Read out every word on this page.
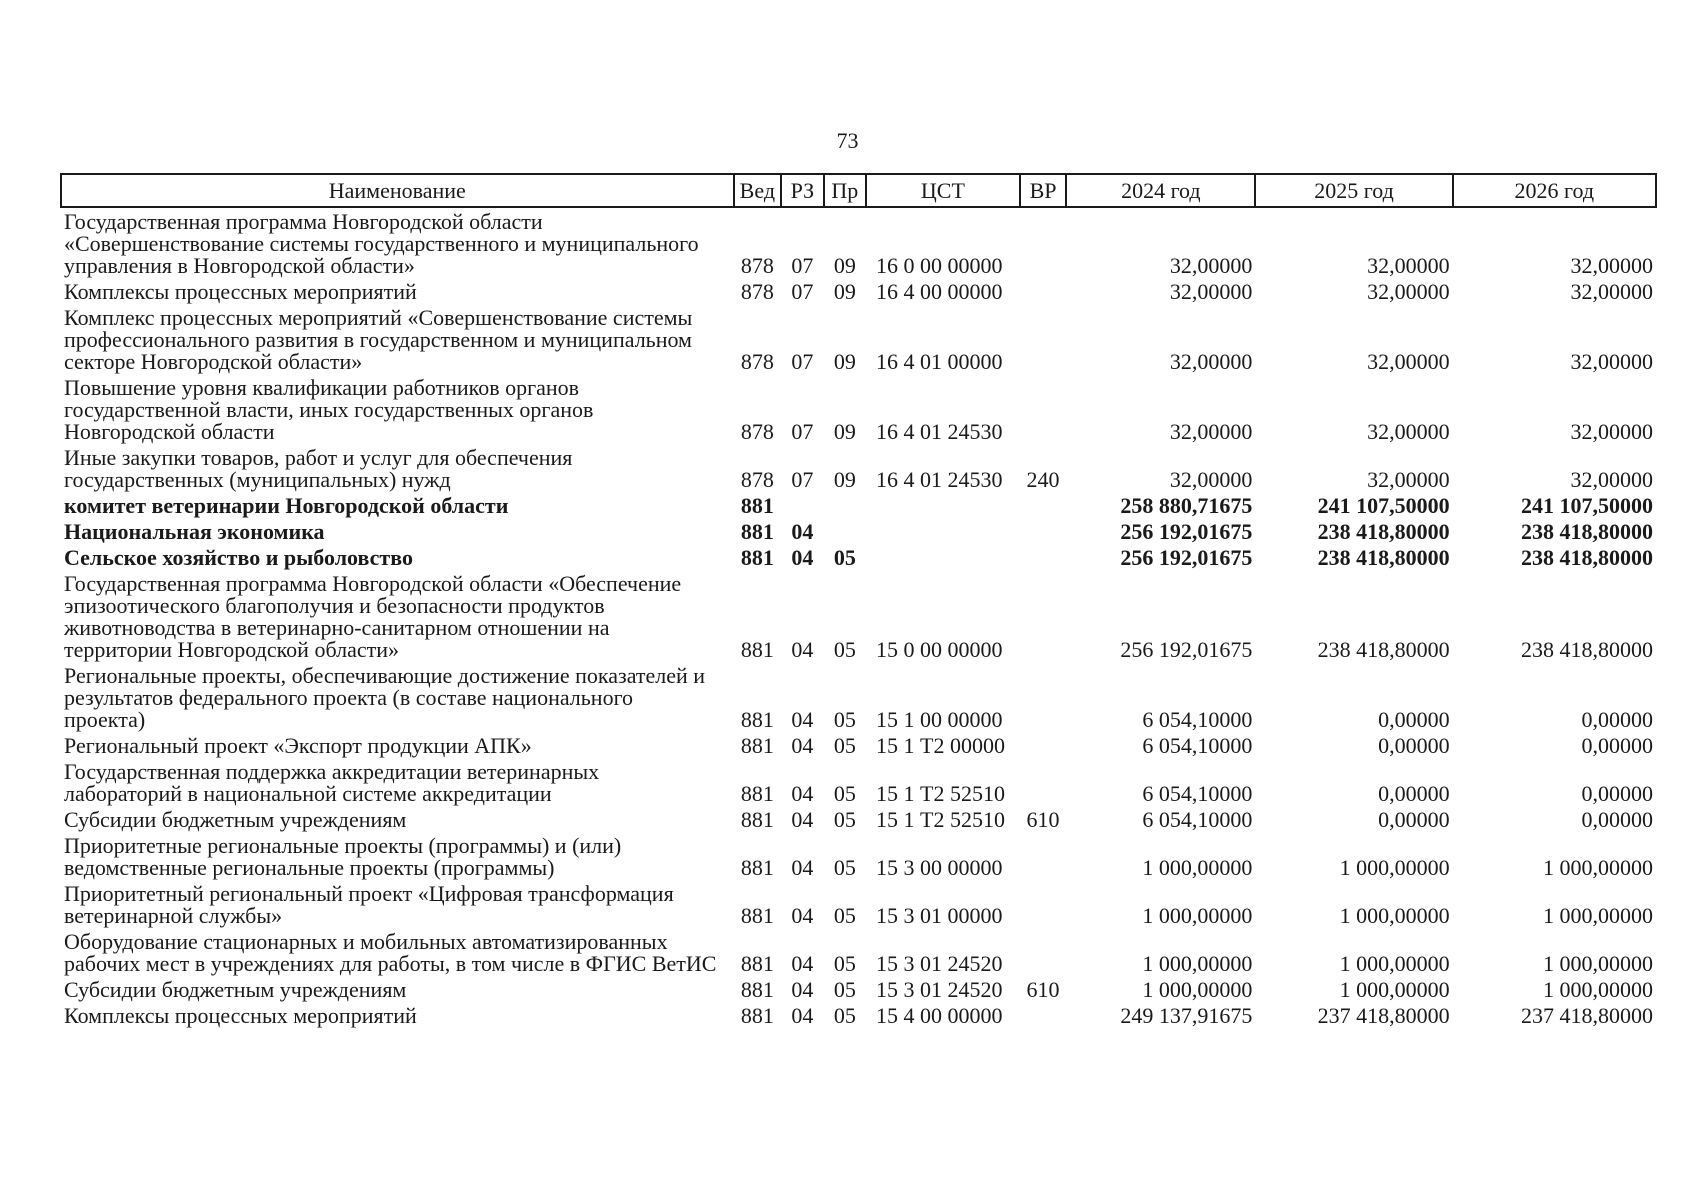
73
Наименование	Вед	РЗ	Пр	ЦСТ	ВР	2024 год	2025 год	2026 год
Государственная программа Новгородской области «Совершенствование системы государственного и муниципального управления в Новгородской области»	878	07	09	16 0 00 00000		32,00000	32,00000	32,00000
Комплексы процессных мероприятий	878	07	09	16 4 00 00000		32,00000	32,00000	32,00000
Комплекс процессных мероприятий «Совершенствование системы профессионального развития в государственном и муниципальном секторе Новгородской области»	878	07	09	16 4 01 00000		32,00000	32,00000	32,00000
Повышение уровня квалификации работников органов государственной власти, иных государственных органов Новгородской области	878	07	09	16 4 01 24530		32,00000	32,00000	32,00000
Иные закупки товаров, работ и услуг для обеспечения государственных (муниципальных) нужд	878	07	09	16 4 01 24530	240	32,00000	32,00000	32,00000
комитет ветеринарии Новгородской области	881					258 880,71675	241 107,50000	241 107,50000
Национальная экономика	881	04				256 192,01675	238 418,80000	238 418,80000
Сельское хозяйство и рыболовство	881	04	05			256 192,01675	238 418,80000	238 418,80000
Государственная программа Новгородской области «Обеспечение эпизоотического благополучия и безопасности продуктов животноводства в ветеринарно-санитарном отношении на территории Новгородской области»	881	04	05	15 0 00 00000		256 192,01675	238 418,80000	238 418,80000
Региональные проекты, обеспечивающие достижение показателей и результатов федерального проекта (в составе национального проекта)	881	04	05	15 1 00 00000		6 054,10000	0,00000	0,00000
Региональный проект «Экспорт продукции АПК»	881	04	05	15 1 Т2 00000		6 054,10000	0,00000	0,00000
Государственная поддержка аккредитации ветеринарных лабораторий в национальной системе аккредитации	881	04	05	15 1 Т2 52510		6 054,10000	0,00000	0,00000
Субсидии бюджетным учреждениям	881	04	05	15 1 Т2 52510	610	6 054,10000	0,00000	0,00000
Приоритетные региональные проекты (программы) и (или) ведомственные региональные проекты (программы)	881	04	05	15 3 00 00000		1 000,00000	1 000,00000	1 000,00000
Приоритетный региональный проект «Цифровая трансформация ветеринарной службы»	881	04	05	15 3 01 00000		1 000,00000	1 000,00000	1 000,00000
Оборудование стационарных и мобильных автоматизированных рабочих мест в учреждениях для работы, в том числе в ФГИС ВетИС	881	04	05	15 3 01 24520		1 000,00000	1 000,00000	1 000,00000
Субсидии бюджетным учреждениям	881	04	05	15 3 01 24520	610	1 000,00000	1 000,00000	1 000,00000
Комплексы процессных мероприятий	881	04	05	15 4 00 00000		249 137,91675	237 418,80000	237 418,80000
